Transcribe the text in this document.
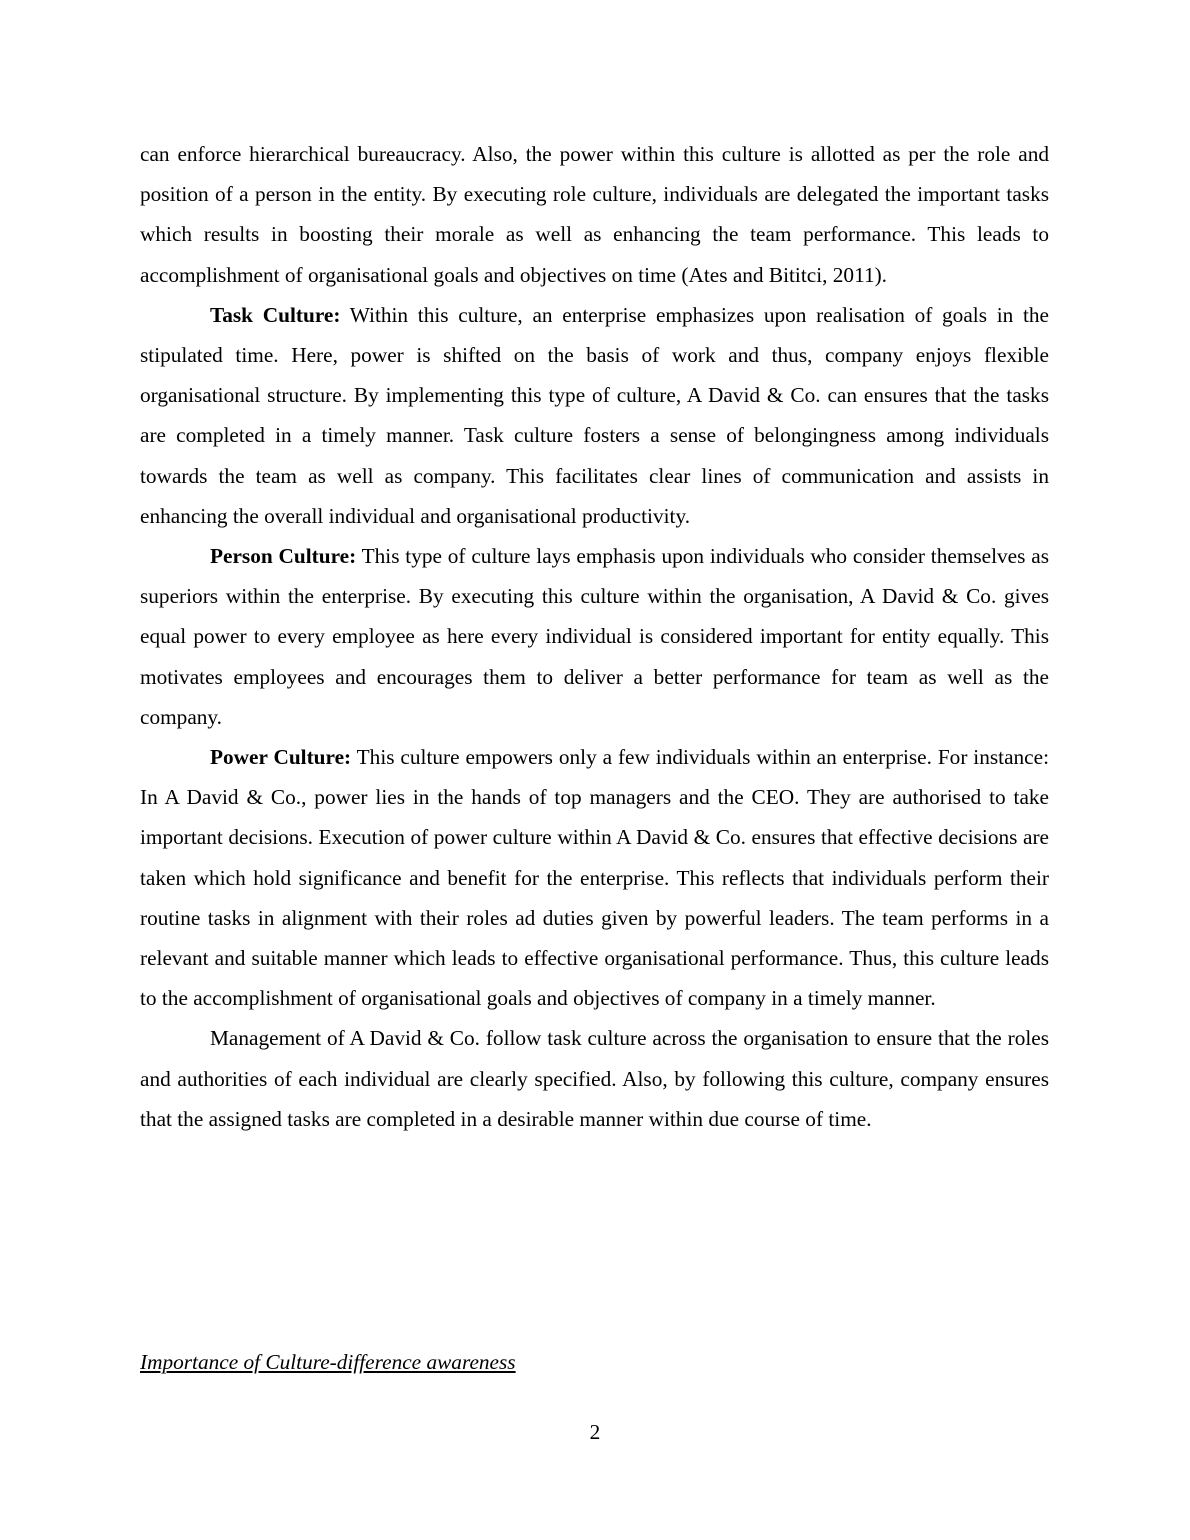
can enforce hierarchical bureaucracy. Also, the power within this culture is allotted as per the role and position of a person in the entity. By executing role culture, individuals are delegated the important tasks which results in boosting their morale as well as enhancing the team performance. This leads to accomplishment of organisational goals and objectives on time (Ates and Bititci, 2011).

Task Culture: Within this culture, an enterprise emphasizes upon realisation of goals in the stipulated time. Here, power is shifted on the basis of work and thus, company enjoys flexible organisational structure. By implementing this type of culture, A David & Co. can ensures that the tasks are completed in a timely manner. Task culture fosters a sense of belongingness among individuals towards the team as well as company. This facilitates clear lines of communication and assists in enhancing the overall individual and organisational productivity.

Person Culture: This type of culture lays emphasis upon individuals who consider themselves as superiors within the enterprise. By executing this culture within the organisation, A David & Co. gives equal power to every employee as here every individual is considered important for entity equally. This motivates employees and encourages them to deliver a better performance for team as well as the company.

Power Culture: This culture empowers only a few individuals within an enterprise. For instance: In A David & Co., power lies in the hands of top managers and the CEO. They are authorised to take important decisions. Execution of power culture within A David & Co. ensures that effective decisions are taken which hold significance and benefit for the enterprise. This reflects that individuals perform their routine tasks in alignment with their roles ad duties given by powerful leaders. The team performs in a relevant and suitable manner which leads to effective organisational performance. Thus, this culture leads to the accomplishment of organisational goals and objectives of company in a timely manner.

Management of A David & Co. follow task culture across the organisation to ensure that the roles and authorities of each individual are clearly specified. Also, by following this culture, company ensures that the assigned tasks are completed in a desirable manner within due course of time.

Importance of Culture-difference awareness
2
